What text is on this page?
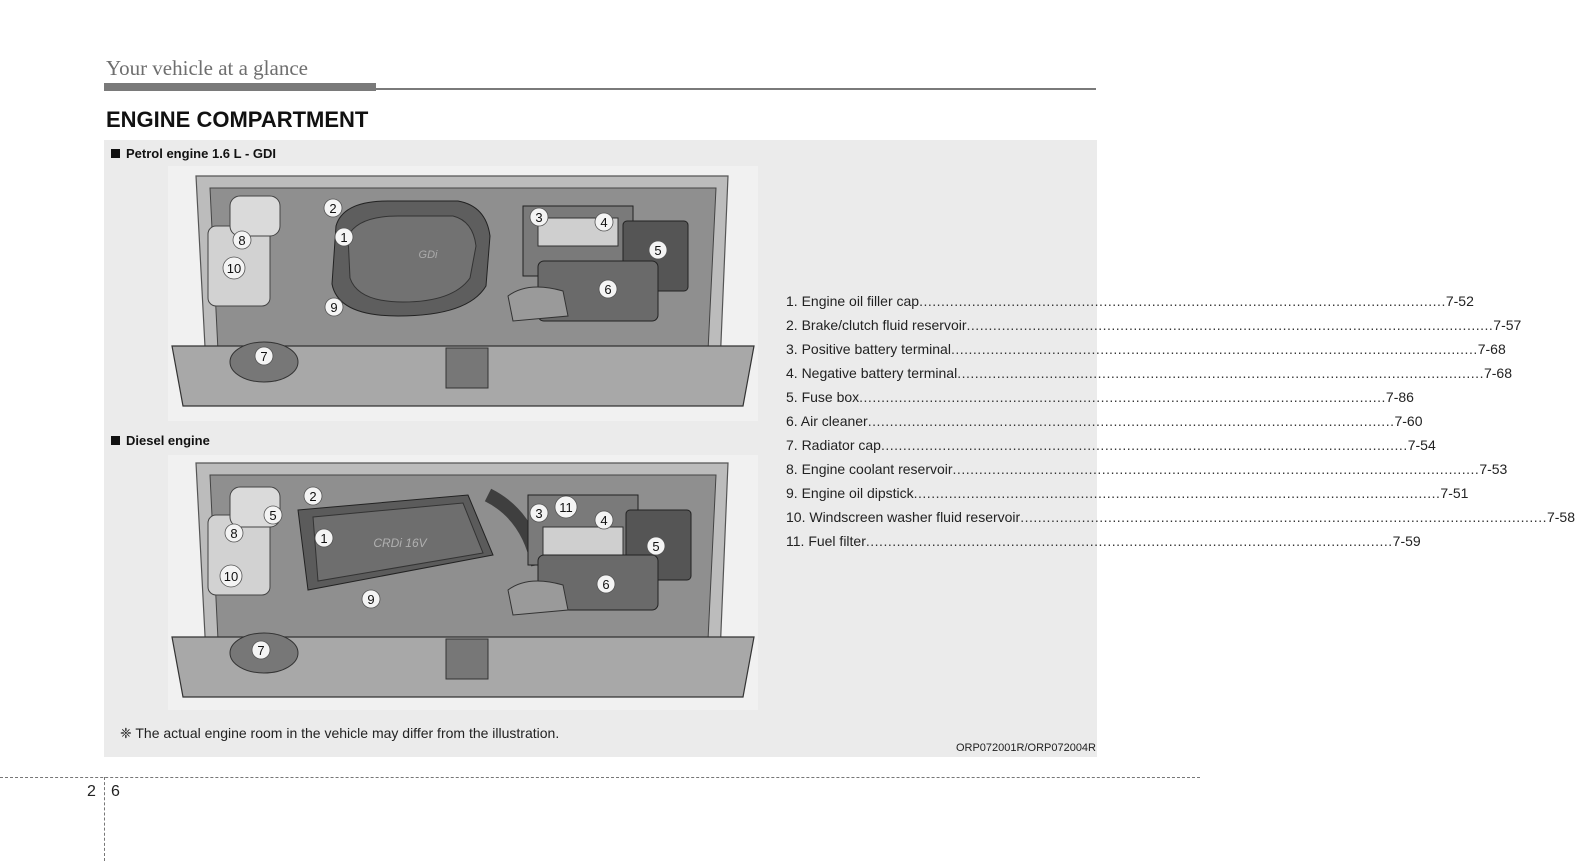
Your vehicle at a glance
ENGINE COMPARTMENT
Petrol engine 1.6 L - GDI
GDi
1
2
3	4
5
6
7
8
9
10
Diesel engine
CRDi 16V
1
2
3 11
4
5
6
8
5
10
9
7
1. Engine oil filler cap ........................................................................................................................ 7-52
2. Brake/clutch fluid reservoir ........................................................................................................................ 7-57
3. Positive battery terminal ........................................................................................................................ 7-68
4. Negative battery terminal ........................................................................................................................ 7-68
5. Fuse box ........................................................................................................................ 7-86
6. Air cleaner ........................................................................................................................ 7-60
7. Radiator cap ........................................................................................................................ 7-54
8. Engine coolant reservoir ........................................................................................................................ 7-53
9. Engine oil dipstick ........................................................................................................................ 7-51
10. Windscreen washer fluid reservoir ........................................................................................................................ 7-58
11. Fuel filter ........................................................................................................................ 7-59
❈ The actual engine room in the vehicle may differ from the illustration.
ORP072001R/ORP072004R
2 6
